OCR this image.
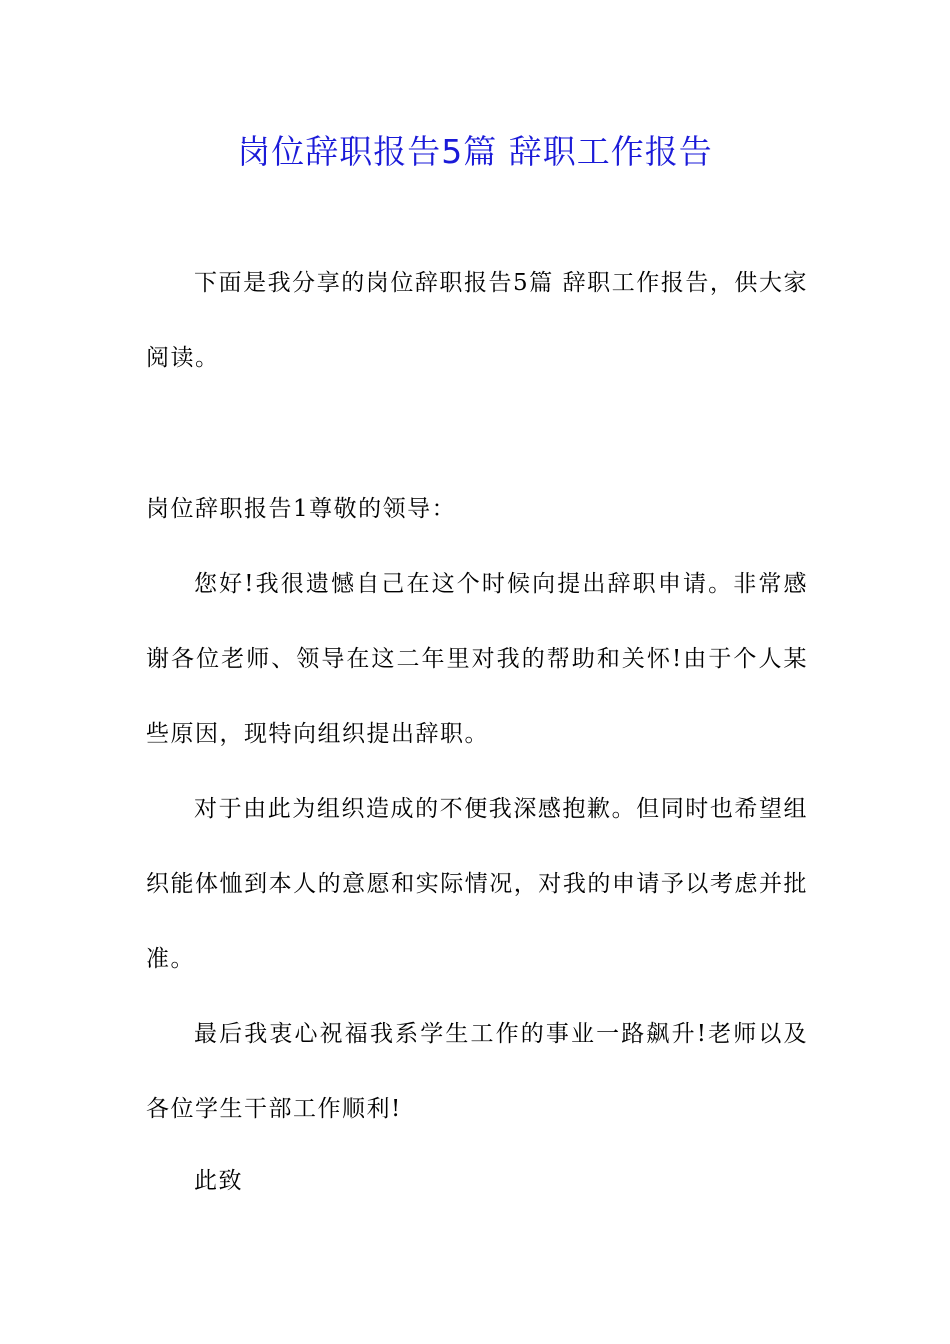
岗位辞职报告5篇 辞职工作报告

下面是我分享的岗位辞职报告5篇 辞职工作报告，供大家阅读。

岗位辞职报告1尊敬的领导：

您好!我很遗憾自己在这个时候向提出辞职申请。非常感谢各位老师、领导在这二年里对我的帮助和关怀!由于个人某些原因，现特向组织提出辞职。

对于由此为组织造成的不便我深感抱歉。但同时也希望组织能体恤到本人的意愿和实际情况，对我的申请予以考虑并批准。

最后我衷心祝福我系学生工作的事业一路飙升!老师以及各位学生干部工作顺利!

此致
